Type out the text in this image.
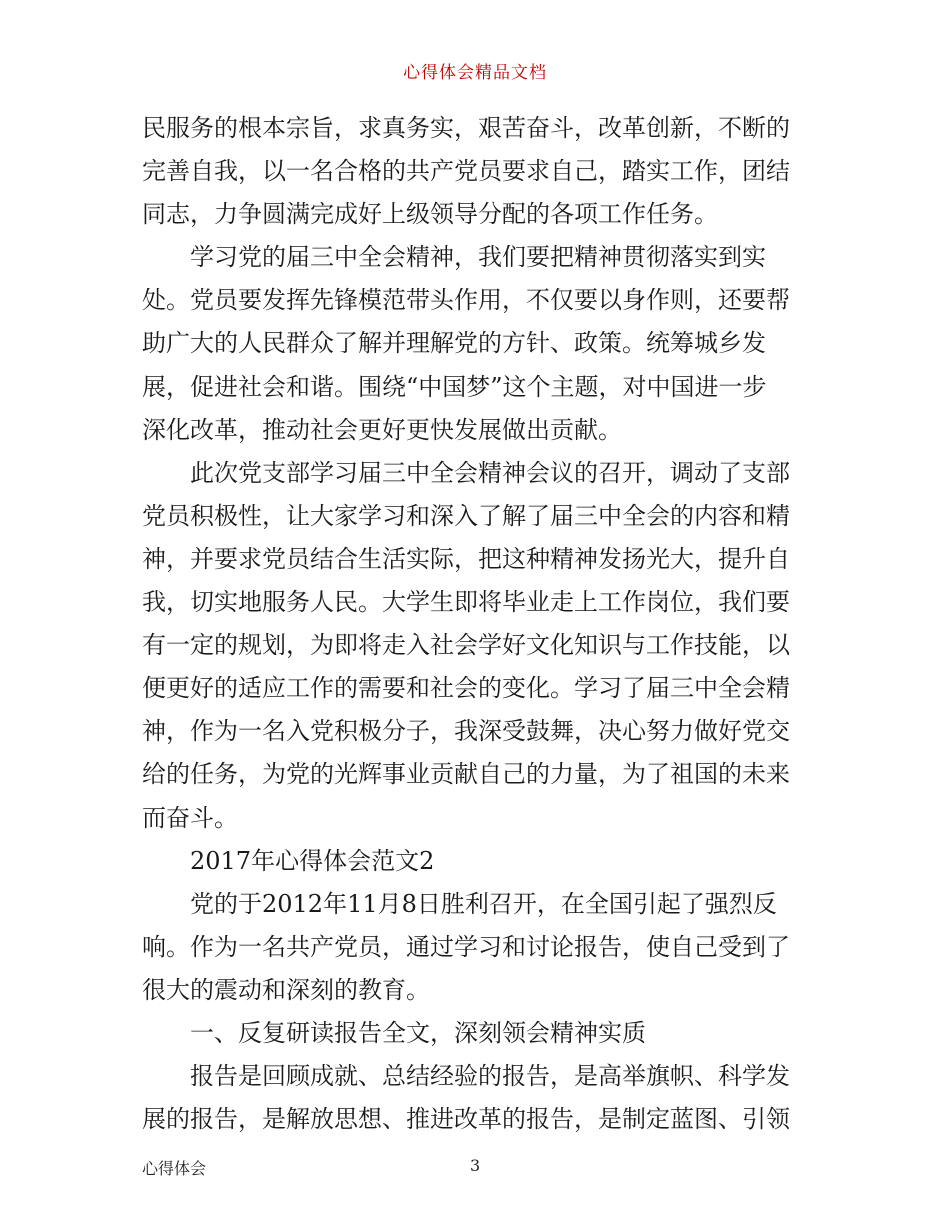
心得体会精品文档
民服务的根本宗旨，求真务实，艰苦奋斗，改革创新，不断的
完善自我，以一名合格的共产党员要求自己，踏实工作，团结
同志，力争圆满完成好上级领导分配的各项工作任务。
学习党的届三中全会精神，我们要把精神贯彻落实到实
处。党员要发挥先锋模范带头作用，不仅要以身作则，还要帮
助广大的人民群众了解并理解党的方针、政策。统筹城乡发
展，促进社会和谐。围绕“中国梦”这个主题，对中国进一步
深化改革，推动社会更好更快发展做出贡献。
此次党支部学习届三中全会精神会议的召开，调动了支部
党员积极性，让大家学习和深入了解了届三中全会的内容和精
神，并要求党员结合生活实际，把这种精神发扬光大，提升自
我，切实地服务人民。大学生即将毕业走上工作岗位，我们要
有一定的规划，为即将走入社会学好文化知识与工作技能，以
便更好的适应工作的需要和社会的变化。学习了届三中全会精
神，作为一名入党积极分子，我深受鼓舞，决心努力做好党交
给的任务，为党的光辉事业贡献自己的力量，为了祖国的未来
而奋斗。
2017年心得体会范文2
党的于2012年11月8日胜利召开，在全国引起了强烈反
响。作为一名共产党员，通过学习和讨论报告，使自己受到了
很大的震动和深刻的教育。
一、反复研读报告全文，深刻领会精神实质
报告是回顾成就、总结经验的报告，是高举旗帜、科学发
展的报告，是解放思想、推进改革的报告，是制定蓝图、引领
心得体会	3
